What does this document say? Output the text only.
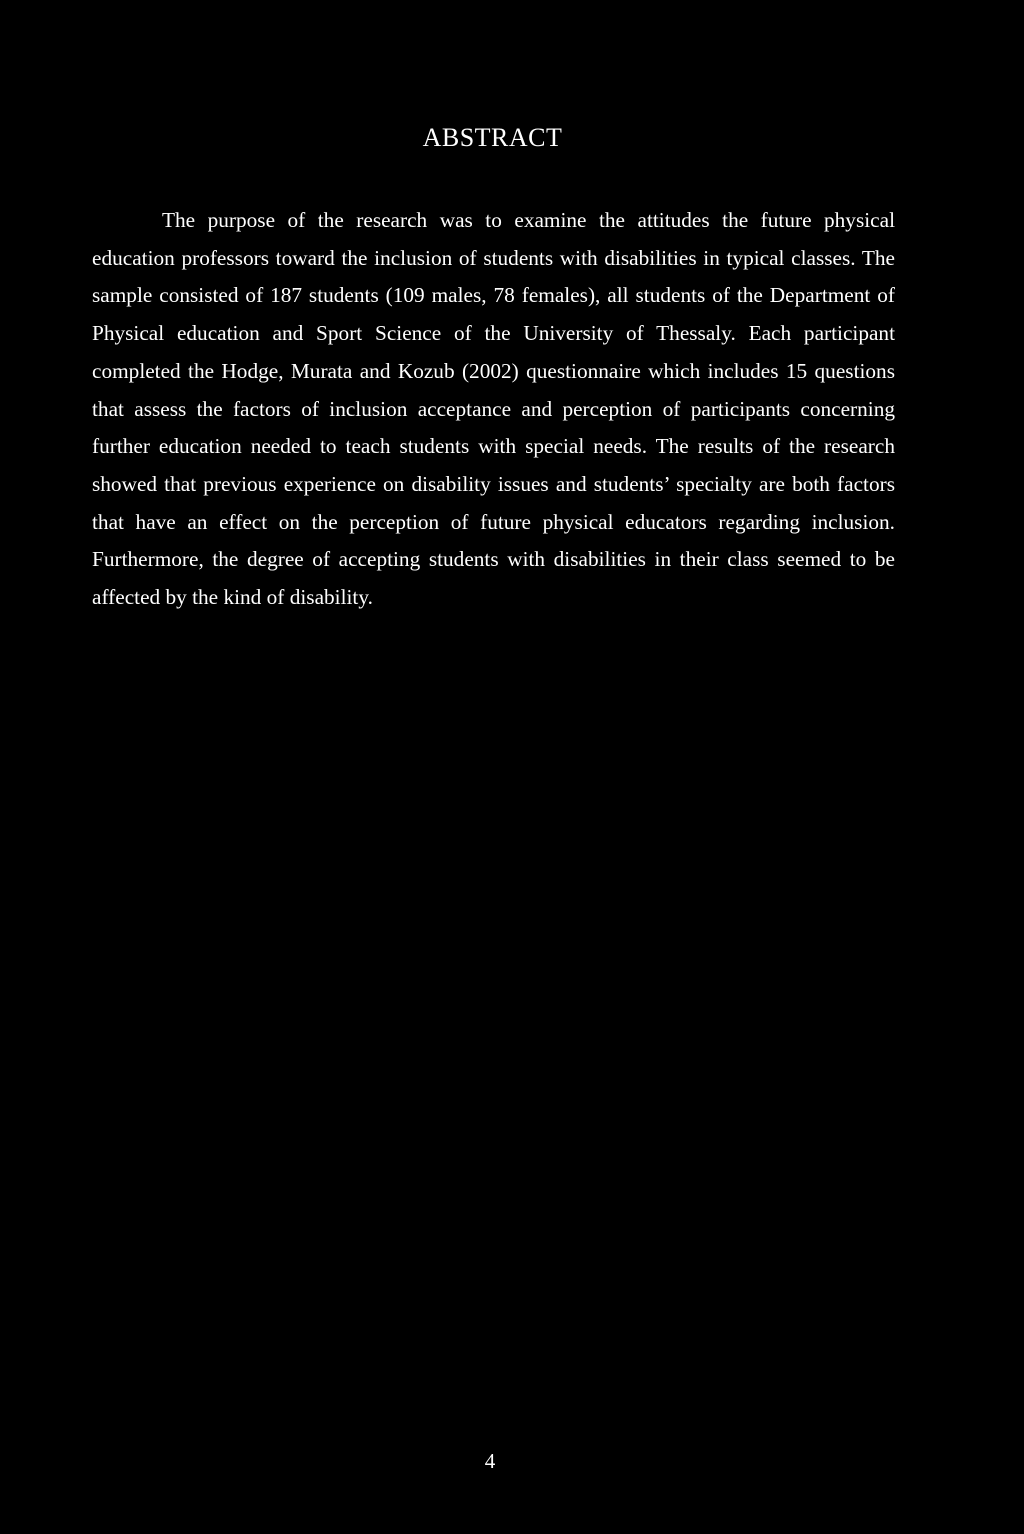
ABSTRACT

The purpose of the research was to examine the attitudes the future physical education professors toward the inclusion of students with disabilities in typical classes. The sample consisted of 187 students (109 males, 78 females), all students of the Department of Physical education and Sport Science of the University of Thessaly. Each participant completed the Hodge, Murata and Kozub (2002) questionnaire which includes 15 questions that assess the factors of inclusion acceptance and perception of participants concerning further education needed to teach students with special needs. The results of the research showed that previous experience on disability issues and students’ specialty are both factors that have an effect on the perception of future physical educators regarding inclusion. Furthermore, the degree of accepting students with disabilities in their class seemed to be affected by the kind of disability.

4
